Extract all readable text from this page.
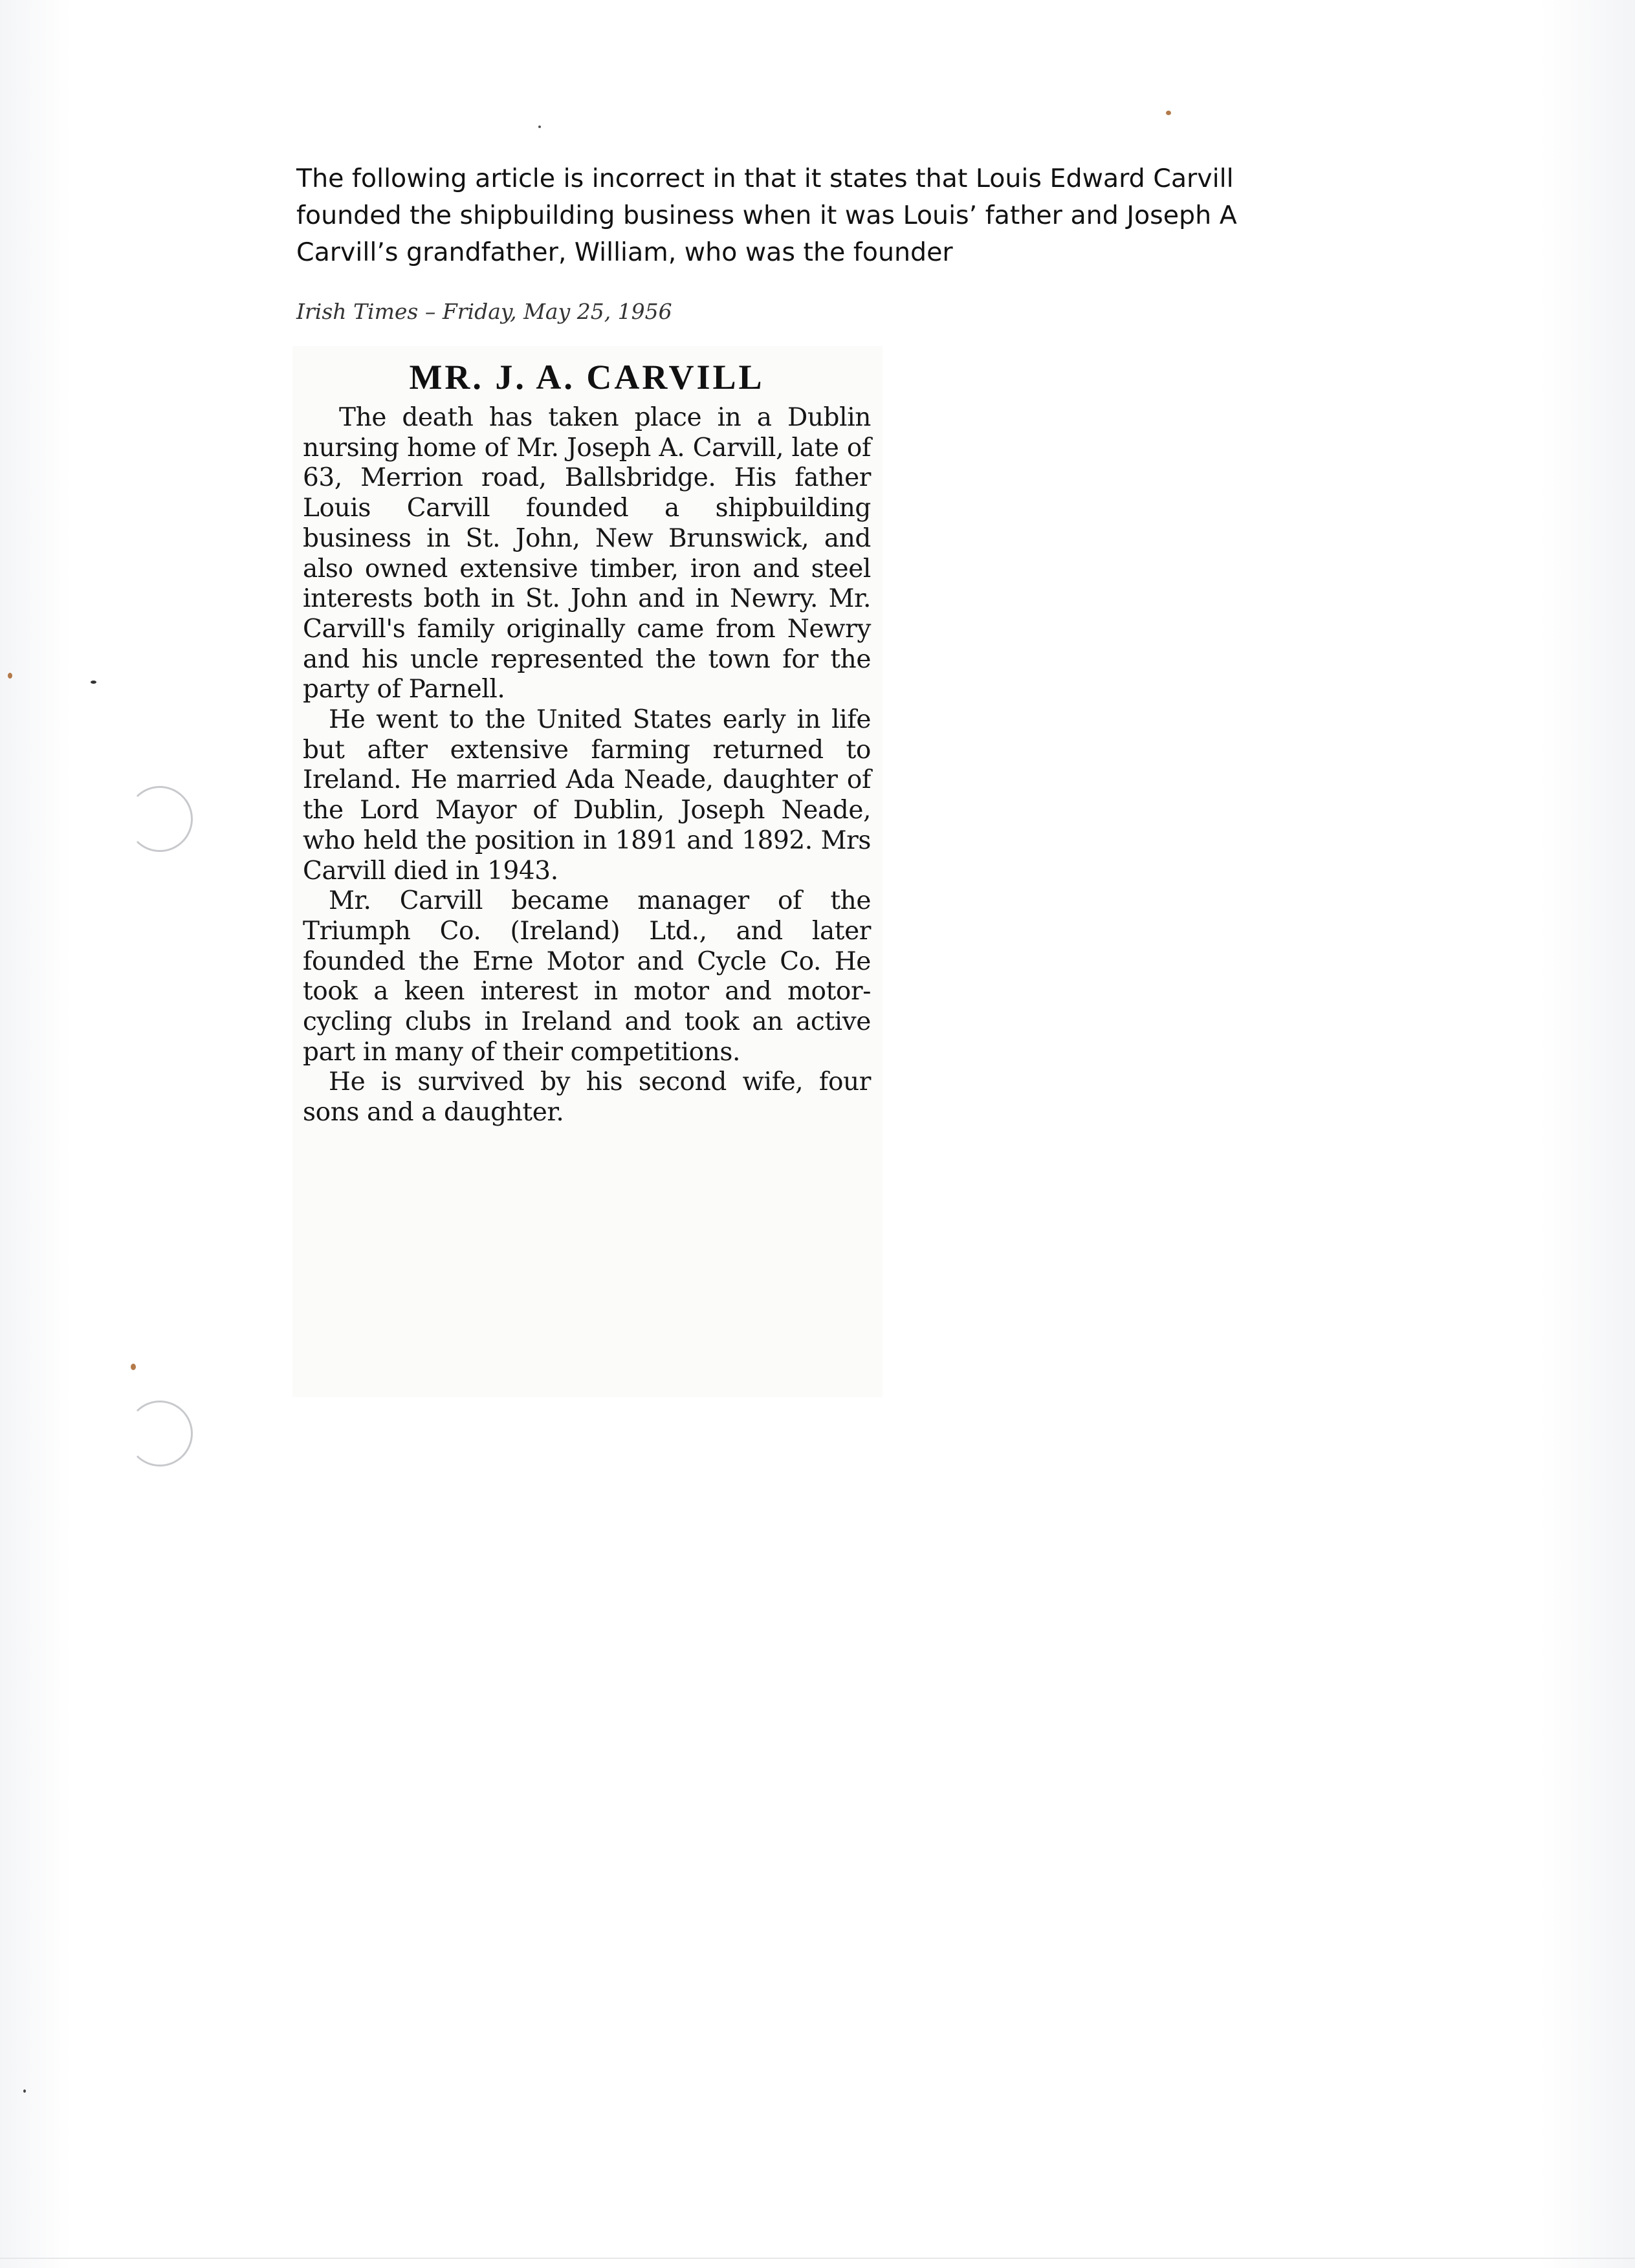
The following article is incorrect in that it states that Louis Edward Carvill
founded the shipbuilding business when it was Louis’ father and Joseph A
Carvill’s grandfather, William, who was the founder

Irish Times – Friday, May 25, 1956

MR. J. A. CARVILL

The death has taken place in a Dublin nursing home of Mr. Joseph A. Carvill, late of 63, Merrion road, Ballsbridge. His father Louis Carvill founded a shipbuilding business in St. John, New Brunswick, and also owned extensive timber, iron and steel interests both in St. John and in Newry. Mr. Carvill's family originally came from Newry and his uncle represented the town for the party of Parnell.

He went to the United States early in life but after extensive farming returned to Ireland. He married Ada Neade, daughter of the Lord Mayor of Dublin, Joseph Neade, who held the position in 1891 and 1892. Mrs Carvill died in 1943.

Mr. Carvill became manager of the Triumph Co. (Ireland) Ltd., and later founded the Erne Motor and Cycle Co. He took a keen interest in motor and motor-cycling clubs in Ireland and took an active part in many of their competitions.

He is survived by his second wife, four sons and a daughter.
